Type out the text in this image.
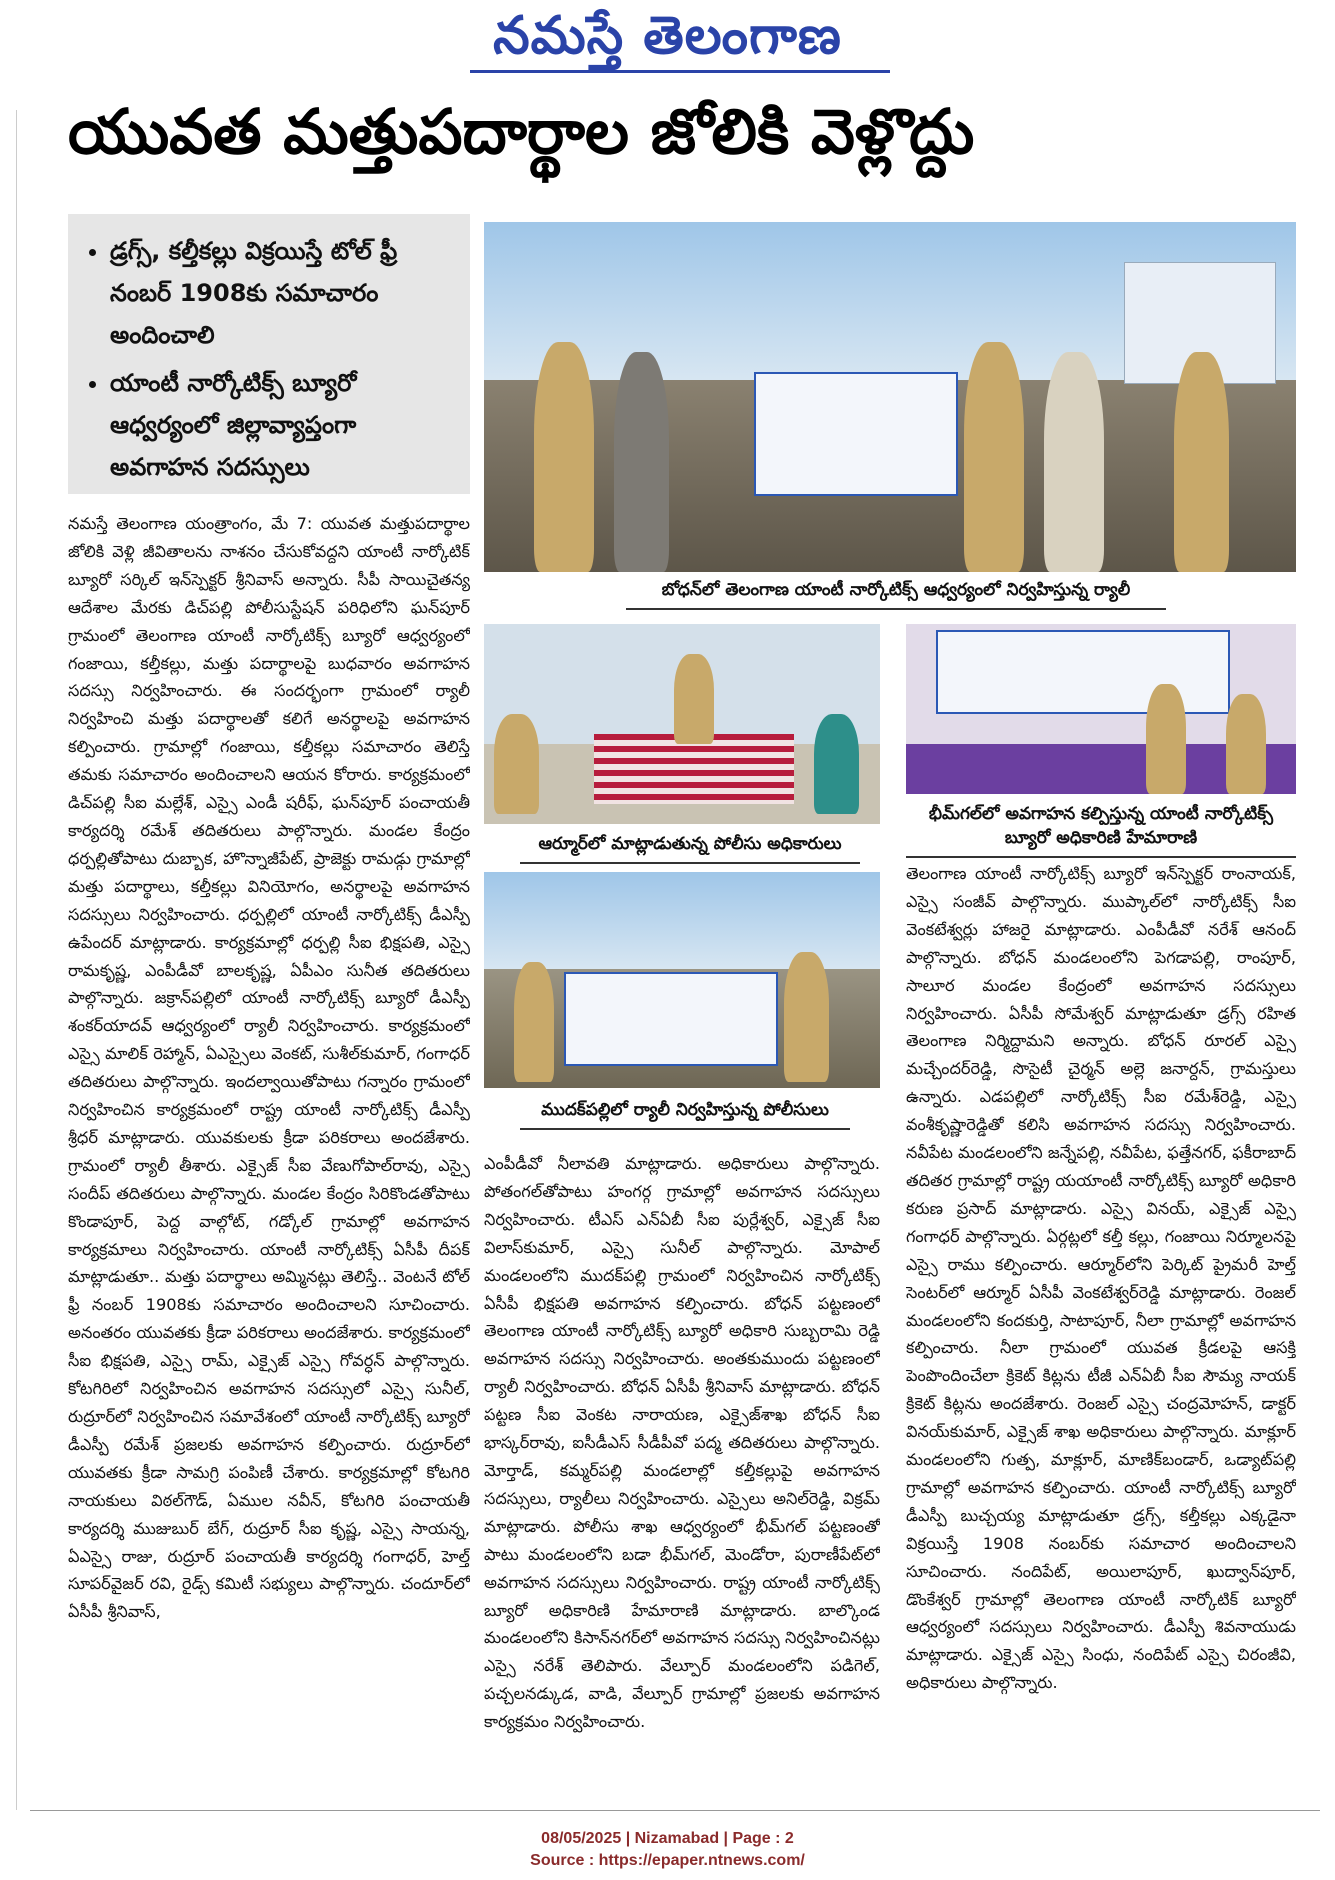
నమస్తే తెలంగాణ
యువత మత్తుపదార్థాల జోలికి వెళ్లొద్దు
• డ్రగ్స్, కల్తీకల్లు విక్రయిస్తే టోల్ ఫ్రీ నంబర్ 1908కు సమాచారం అందించాలి
• యాంటీ నార్కోటిక్స్ బ్యూరో ఆధ్వర్యంలో జిల్లావ్యాప్తంగా అవగాహన సదస్సులు
బోధన్‌లో తెలంగాణ యాంటీ నార్కోటిక్స్ ఆధ్వర్యంలో నిర్వహిస్తున్న ర్యాలీ
ఆర్మూర్‌లో మాట్లాడుతున్న పోలీసు అధికారులు
భీమ్‌గల్‌లో అవగాహన కల్పిస్తున్న యాంటీ నార్కోటిక్స్ బ్యూరో అధికారిణి హేమారాణి
ముదక్‌పల్లిలో ర్యాలీ నిర్వహిస్తున్న పోలీసులు

నమస్తే తెలంగాణ యంత్రాంగం, మే 7: యువత మత్తుపదార్థాల జోలికి వెళ్లి జీవితాలను నాశనం చేసుకోవద్దని యాంటీ నార్కోటిక్ బ్యూరో సర్కిల్ ఇన్‌స్పెక్టర్ శ్రీనివాస్ అన్నారు. సీపీ సాయిచైతన్య ఆదేశాల మేరకు డిచ్‌పల్లి పోలీసుస్టేషన్ పరిధిలోని ఘన్‌పూర్ గ్రామంలో తెలంగాణ యాంటీ నార్కోటిక్స్ బ్యూరో ఆధ్వర్యంలో గంజాయి, కల్తీకల్లు, మత్తు పదార్థాలపై బుధవారం అవగాహన సదస్సు నిర్వహించారు. ఈ సందర్భంగా గ్రామంలో ర్యాలీ నిర్వహించి మత్తు పదార్థాలతో కలిగే అనర్థాలపై అవగాహన కల్పించారు. గ్రామాల్లో గంజాయి, కల్తీకల్లు సమాచారం తెలిస్తే తమకు సమాచారం అందించాలని ఆయన కోరారు. కార్యక్రమంలో డిచ్‌పల్లి సీఐ మల్లేశ్, ఎస్సై ఎండీ షరీఫ్, ఘన్‌పూర్ పంచాయతీ కార్యదర్శి రమేశ్ తదితరులు పాల్గొన్నారు. మండల కేంద్రం ధర్పల్లితోపాటు దుబ్బాక, హొన్నాజీపేట్, ప్రాజెక్టు రామడ్గు గ్రామాల్లో మత్తు పదార్థాలు, కల్తీకల్లు వినియోగం, అనర్థాలపై అవగాహన సదస్సులు నిర్వహించారు. ధర్పల్లిలో యాంటీ నార్కోటిక్స్ డీఎస్పీ ఉపేందర్ మాట్లాడారు. కార్యక్రమాల్లో ధర్పల్లి సీఐ భిక్షపతి, ఎస్సై రామకృష్ణ, ఎంపీడీవో బాలకృష్ణ, ఏపీఎం సునీత తదితరులు పాల్గొన్నారు. జక్రాన్‌పల్లిలో యాంటీ నార్కోటిక్స్ బ్యూరో డీఎస్పీ శంకర్‌యాదవ్ ఆధ్వర్యంలో ర్యాలీ నిర్వహించారు. కార్యక్రమంలో ఎస్సై మాలిక్ రెహ్మాన్, ఏఎస్సైలు వెంకట్, సుశీల్‌కుమార్, గంగాధర్ తదితరులు పాల్గొన్నారు. ఇందల్వాయితోపాటు గన్నారం గ్రామంలో నిర్వహించిన కార్యక్రమంలో రాష్ట్ర యాంటీ నార్కోటిక్స్ డీఎస్పీ శ్రీధర్ మాట్లాడారు. యువకులకు క్రీడా పరికరాలు అందజేశారు. గ్రామంలో ర్యాలీ తీశారు. ఎక్సైజ్ సీఐ వేణుగోపాల్‌రావు, ఎస్సై సందీప్ తదితరులు పాల్గొన్నారు. మండల కేంద్రం సిరికొండతోపాటు కొండాపూర్, పెద్ద వాల్గోట్, గడ్కోల్ గ్రామాల్లో అవగాహన కార్యక్రమాలు నిర్వహించారు. యాంటీ నార్కోటిక్స్ ఏసీపీ దీపక్ మాట్లాడుతూ.. మత్తు పదార్థాలు అమ్మినట్లు తెలిస్తే.. వెంటనే టోల్ ఫ్రీ నంబర్ 1908కు సమాచారం అందించాలని సూచించారు. అనంతరం యువతకు క్రీడా పరికరాలు అందజేశారు. కార్యక్రమంలో సీఐ భిక్షపతి, ఎస్సై రామ్, ఎక్సైజ్ ఎస్సై గోవర్ధన్ పాల్గొన్నారు. కోటగిరిలో నిర్వహించిన అవగాహన సదస్సులో ఎస్సై సునీల్, రుద్రూర్‌లో నిర్వహించిన సమావేశంలో యాంటీ నార్కోటిక్స్ బ్యూరో డీఎస్పీ రమేశ్ ప్రజలకు అవగాహన కల్పించారు. రుద్రూర్‌లో యువతకు క్రీడా సామగ్రి పంపిణీ చేశారు. కార్యక్రమాల్లో కోటగిరి నాయకులు విఠల్‌గౌడ్, ఏముల నవీన్, కోటగిరి పంచాయతీ కార్యదర్శి ముజుబుర్ బేగ్, రుద్రూర్ సీఐ కృష్ణ, ఎస్సై సాయన్న, ఏఎస్సై రాజు, రుద్రూర్ పంచాయతీ కార్యదర్శి గంగాధర్, హెల్త్ సూపర్‌వైజర్ రవి, రైడ్స్ కమిటీ సభ్యులు పాల్గొన్నారు. చందూర్‌లో ఏసీపీ శ్రీనివాస్,

ఎంపీడీవో నీలావతి మాట్లాడారు. అధికారులు పాల్గొన్నారు. పోతంగల్‌తోపాటు హంగర్గ గ్రామాల్లో అవగాహన సదస్సులు నిర్వహించారు. టీఎస్ ఎన్‌ఏబీ సీఐ పుర్లేశ్వర్, ఎక్సైజ్ సీఐ విలాస్‌కుమార్, ఎస్సై సునీల్ పాల్గొన్నారు. మోపాల్ మండలంలోని ముదక్‌పల్లి గ్రామంలో నిర్వహించిన నార్కోటిక్స్ ఏసీపీ భిక్షపతి అవగాహన కల్పించారు. బోధన్ పట్టణంలో తెలంగాణ యాంటీ నార్కోటిక్స్ బ్యూరో అధికారి సుబ్బరామి రెడ్డి అవగాహన సదస్సు నిర్వహించారు. అంతకుముందు పట్టణంలో ర్యాలీ నిర్వహించారు. బోధన్ ఏసీపీ శ్రీనివాస్ మాట్లాడారు. బోధన్ పట్టణ సీఐ వెంకట నారాయణ, ఎక్సైజ్‌శాఖ బోధన్ సీఐ భాస్కర్‌రావు, ఐసీడీఎస్ సీడీపీవో పద్మ తదితరులు పాల్గొన్నారు. మోర్తాడ్, కమ్మర్‌పల్లి మండలాల్లో కల్తీకల్లుపై అవగాహన సదస్సులు, ర్యాలీలు నిర్వహించారు. ఎస్సైలు అనిల్‌రెడ్డి, విక్రమ్ మాట్లాడారు. పోలీసు శాఖ ఆధ్వర్యంలో భీమ్‌గల్ పట్టణంతో పాటు మండలంలోని బడా భీమ్‌గల్, మెండోరా, పురాణీపేట్‌లో అవగాహన సదస్సులు నిర్వహించారు. రాష్ట్ర యాంటీ నార్కోటిక్స్ బ్యూరో అధికారిణి హేమారాణి మాట్లాడారు. బాల్కొండ మండలంలోని కిసాన్‌నగర్‌లో అవగాహన సదస్సు నిర్వహించినట్లు ఎస్సై నరేశ్ తెలిపారు. వేల్పూర్ మండలంలోని పడిగెల్, పచ్చలనడ్కుడ, వాడి, వేల్పూర్ గ్రామాల్లో ప్రజలకు అవగాహన కార్యక్రమం నిర్వహించారు.

తెలంగాణ యాంటీ నార్కోటిక్స్ బ్యూరో ఇన్‌స్పెక్టర్ రాంనాయక్, ఎస్సై సంజీవ్ పాల్గొన్నారు. ముప్కాల్‌లో నార్కోటిక్స్ సీఐ వెంకటేశ్వర్లు హాజరై మాట్లాడారు. ఎంపీడీవో నరేశ్ ఆనంద్ పాల్గొన్నారు. బోధన్ మండలంలోని పెగడాపల్లి, రాంపూర్, సాలూర మండల కేంద్రంలో అవగాహన సదస్సులు నిర్వహించారు. ఏసీపీ సోమేశ్వర్ మాట్లాడుతూ డ్రగ్స్ రహిత తెలంగాణ నిర్మిద్దామని అన్నారు. బోధన్ రూరల్ ఎస్సై మచ్చేందర్‌రెడ్డి, సొసైటీ చైర్మన్ అల్లె జనార్దన్, గ్రామస్తులు ఉన్నారు. ఎడపల్లిలో నార్కోటిక్స్ సీఐ రమేశ్‌రెడ్డి, ఎస్సై వంశీకృష్ణారెడ్డితో కలిసి అవగాహన సదస్సు నిర్వహించారు. నవీపేట మండలంలోని జన్నేపల్లి, నవీపేట, ఫత్తేనగర్, ఫకీరాబాద్ తదితర గ్రామాల్లో రాష్ట్ర యయాంటీ నార్కోటిక్స్ బ్యూరో అధికారి కరుణ ప్రసాద్ మాట్లాడారు. ఎస్సై వినయ్, ఎక్సైజ్ ఎస్సై గంగాధర్ పాల్గొన్నారు. ఏర్గట్లలో కల్తీ కల్లు, గంజాయి నిర్మూలనపై ఎస్సై రాము కల్పించారు. ఆర్మూర్‌లోని పెర్కిట్ ప్రైమరీ హెల్త్ సెంటర్‌లో ఆర్మూర్ ఏసీపీ వెంకటేశ్వర్‌రెడ్డి మాట్లాడారు. రెంజల్ మండలంలోని కందకుర్తి, సాటాపూర్, నీలా గ్రామాల్లో అవగాహన కల్పించారు. నీలా గ్రామంలో యువత క్రీడలపై ఆసక్తి పెంపొందించేలా క్రికెట్ కిట్లను టీజీ ఎన్‌ఏబీ సీఐ సౌమ్య నాయక్ క్రికెట్ కిట్లను అందజేశారు. రెంజల్ ఎస్సై చంద్రమోహన్, డాక్టర్ వినయ్‌కుమార్, ఎక్సైజ్ శాఖ అధికారులు పాల్గొన్నారు. మాక్లూర్ మండలంలోని గుత్ప, మాక్లూర్, మాణిక్‌బండార్, ఒడ్యాట్‌పల్లి గ్రామాల్లో అవగాహన కల్పించారు. యాంటీ నార్కోటిక్స్ బ్యూరో డీఎస్పీ బుచ్చయ్య మాట్లాడుతూ డ్రగ్స్, కల్తీకల్లు ఎక్కడైనా విక్రయిస్తే 1908 నంబర్‌కు సమాచార అందించాలని సూచించారు. నందిపేట్, అయిలాపూర్, ఖుద్వాన్‌పూర్, డొంకేశ్వర్ గ్రామాల్లో తెలంగాణ యాంటీ నార్కోటిక్ బ్యూరో ఆధ్వర్యంలో సదస్సులు నిర్వహించారు. డీఎస్పీ శివనాయుడు మాట్లాడారు. ఎక్సైజ్ ఎస్సై సింధు, నందిపేట్ ఎస్సై చిరంజీవి, అధికారులు పాల్గొన్నారు.

08/05/2025 | Nizamabad | Page : 2
Source : https://epaper.ntnews.com/
